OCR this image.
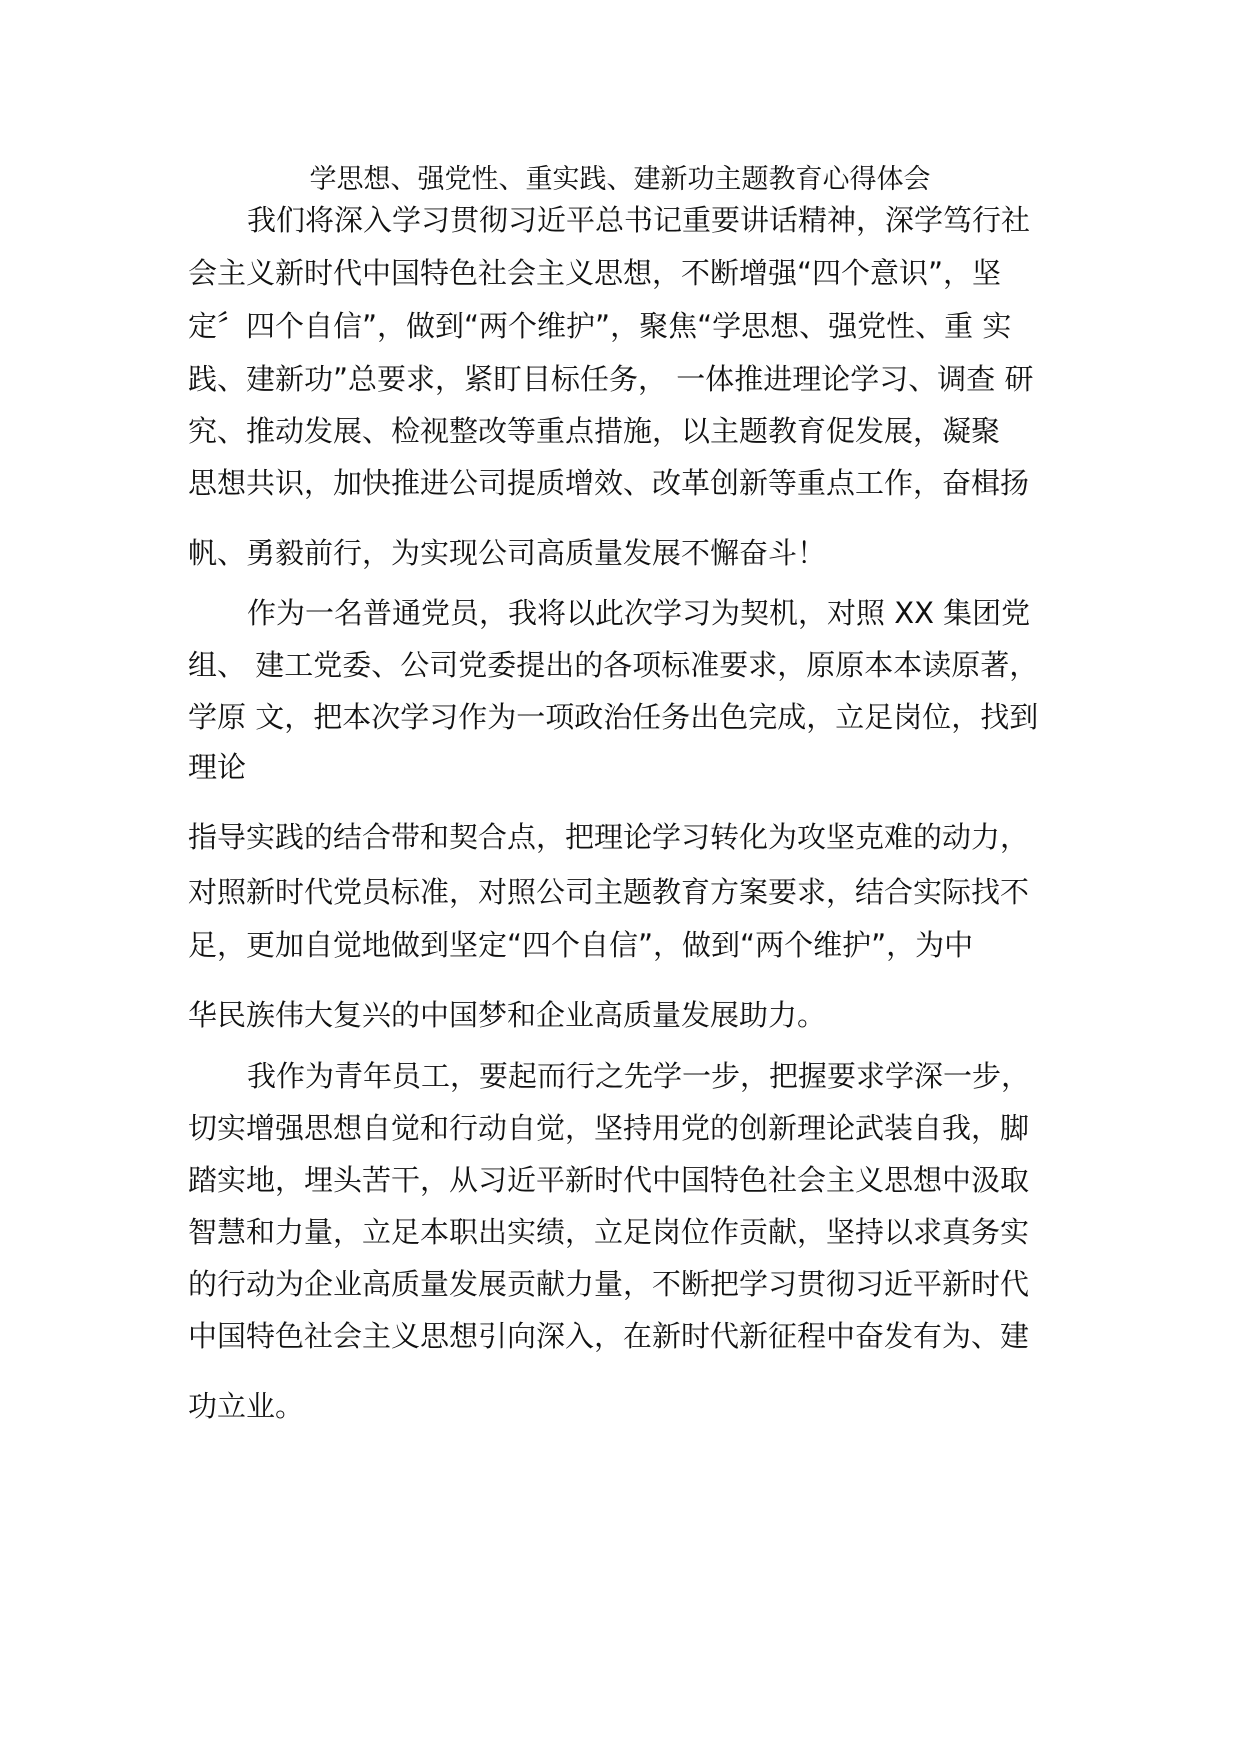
学思想、强党性、重实践、建新功主题教育心得体会
我们将深入学习贯彻习近平总书记重要讲话精神，深学笃行社
会主义新时代中国特色社会主义思想，不断增强“四个意识”，坚
定〞四个自信”，做到“两个维护”，聚焦“学思想、强党性、重 实
践、建新功”总要求，紧盯目标任务， 一体推进理论学习、调查 研
究、推动发展、检视整改等重点措施，以主题教育促发展，凝聚
思想共识，加快推进公司提质增效、改革创新等重点工作，奋楫扬
帆、勇毅前行，为实现公司高质量发展不懈奋斗！
作为一名普通党员，我将以此次学习为契机，对照 XX 集团党
组、 建工党委、公司党委提出的各项标准要求，原原本本读原著，
学原 文，把本次学习作为一项政治任务出色完成，立足岗位，找到
理论
指导实践的结合带和契合点，把理论学习转化为攻坚克难的动力，
对照新时代党员标准，对照公司主题教育方案要求，结合实际找不
足，更加自觉地做到坚定“四个自信”，做到“两个维护”，为中
华民族伟大复兴的中国梦和企业高质量发展助力。
我作为青年员工，要起而行之先学一步，把握要求学深一步，
切实增强思想自觉和行动自觉，坚持用党的创新理论武装自我，脚
踏实地，埋头苦干，从习近平新时代中国特色社会主义思想中汲取
智慧和力量，立足本职出实绩，立足岗位作贡献，坚持以求真务实
的行动为企业高质量发展贡献力量，不断把学习贯彻习近平新时代
中国特色社会主义思想引向深入，在新时代新征程中奋发有为、建
功立业。
